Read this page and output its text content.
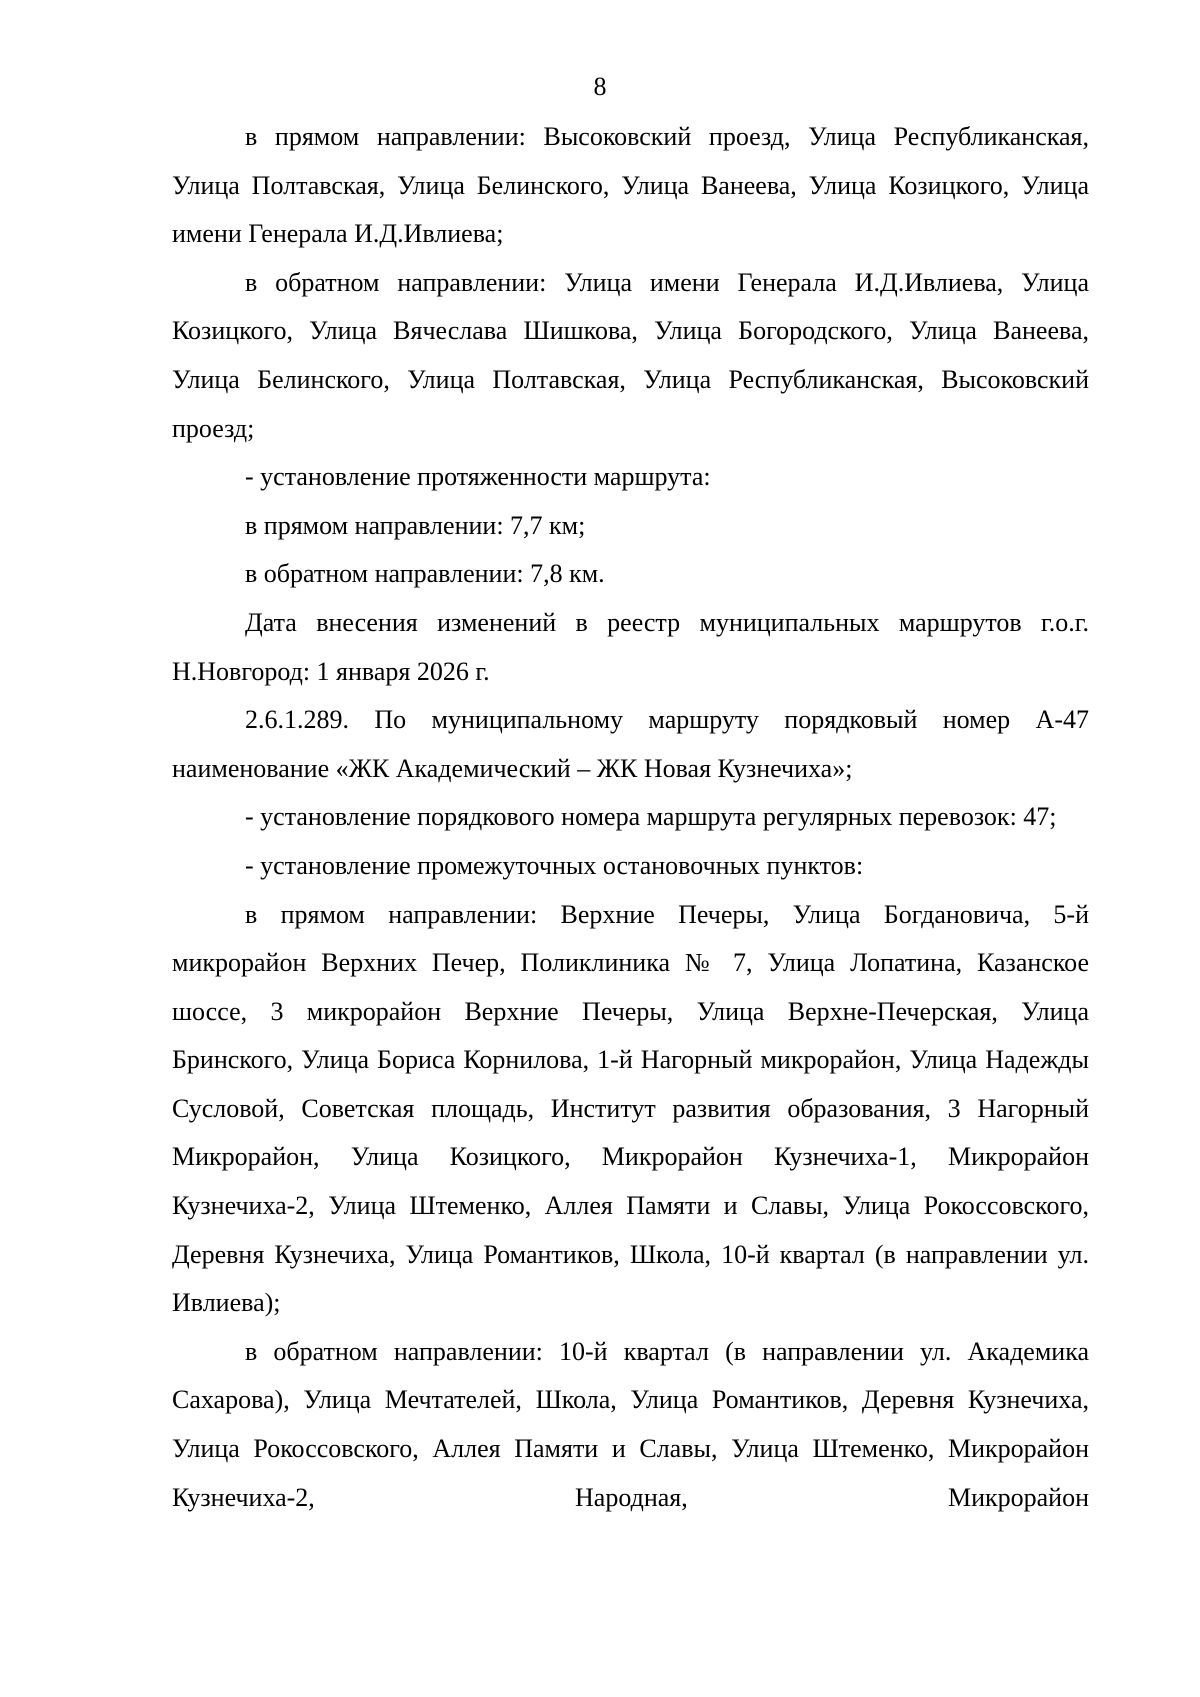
8

в прямом направлении: Высоковский проезд, Улица Республиканская, Улица Полтавская, Улица Белинского, Улица Ванеева, Улица Козицкого, Улица имени Генерала И.Д.Ивлиева;

в обратном направлении: Улица имени Генерала И.Д.Ивлиева, Улица Козицкого, Улица Вячеслава Шишкова, Улица Богородского, Улица Ванеева, Улица Белинского, Улица Полтавская, Улица Республиканская, Высоковский проезд;

- установление протяженности маршрута:

в прямом направлении: 7,7 км;

в обратном направлении: 7,8 км.

Дата внесения изменений в реестр муниципальных маршрутов г.о.г. Н.Новгород: 1 января 2026 г.

2.6.1.289. По муниципальному маршруту порядковый номер А-47 наименование «ЖК Академический – ЖК Новая Кузнечиха»;

- установление порядкового номера маршрута регулярных перевозок: 47;

- установление промежуточных остановочных пунктов:

в прямом направлении: Верхние Печеры, Улица Богдановича, 5-й микрорайон Верхних Печер, Поликлиника № 7, Улица Лопатина, Казанское шоссе, 3 микрорайон Верхние Печеры, Улица Верхне-Печерская, Улица Бринского, Улица Бориса Корнилова, 1-й Нагорный микрорайон, Улица Надежды Сусловой, Советская площадь, Институт развития образования, 3 Нагорный Микрорайон, Улица Козицкого, Микрорайон Кузнечиха-1, Микрорайон Кузнечиха-2, Улица Штеменко, Аллея Памяти и Славы, Улица Рокоссовского, Деревня Кузнечиха, Улица Романтиков, Школа, 10-й квартал (в направлении ул. Ивлиева);

в обратном направлении: 10-й квартал (в направлении ул. Академика Сахарова), Улица Мечтателей, Школа, Улица Романтиков, Деревня Кузнечиха, Улица Рокоссовского, Аллея Памяти и Славы, Улица Штеменко, Микрорайон Кузнечиха-2, Народная, Микрорайон
